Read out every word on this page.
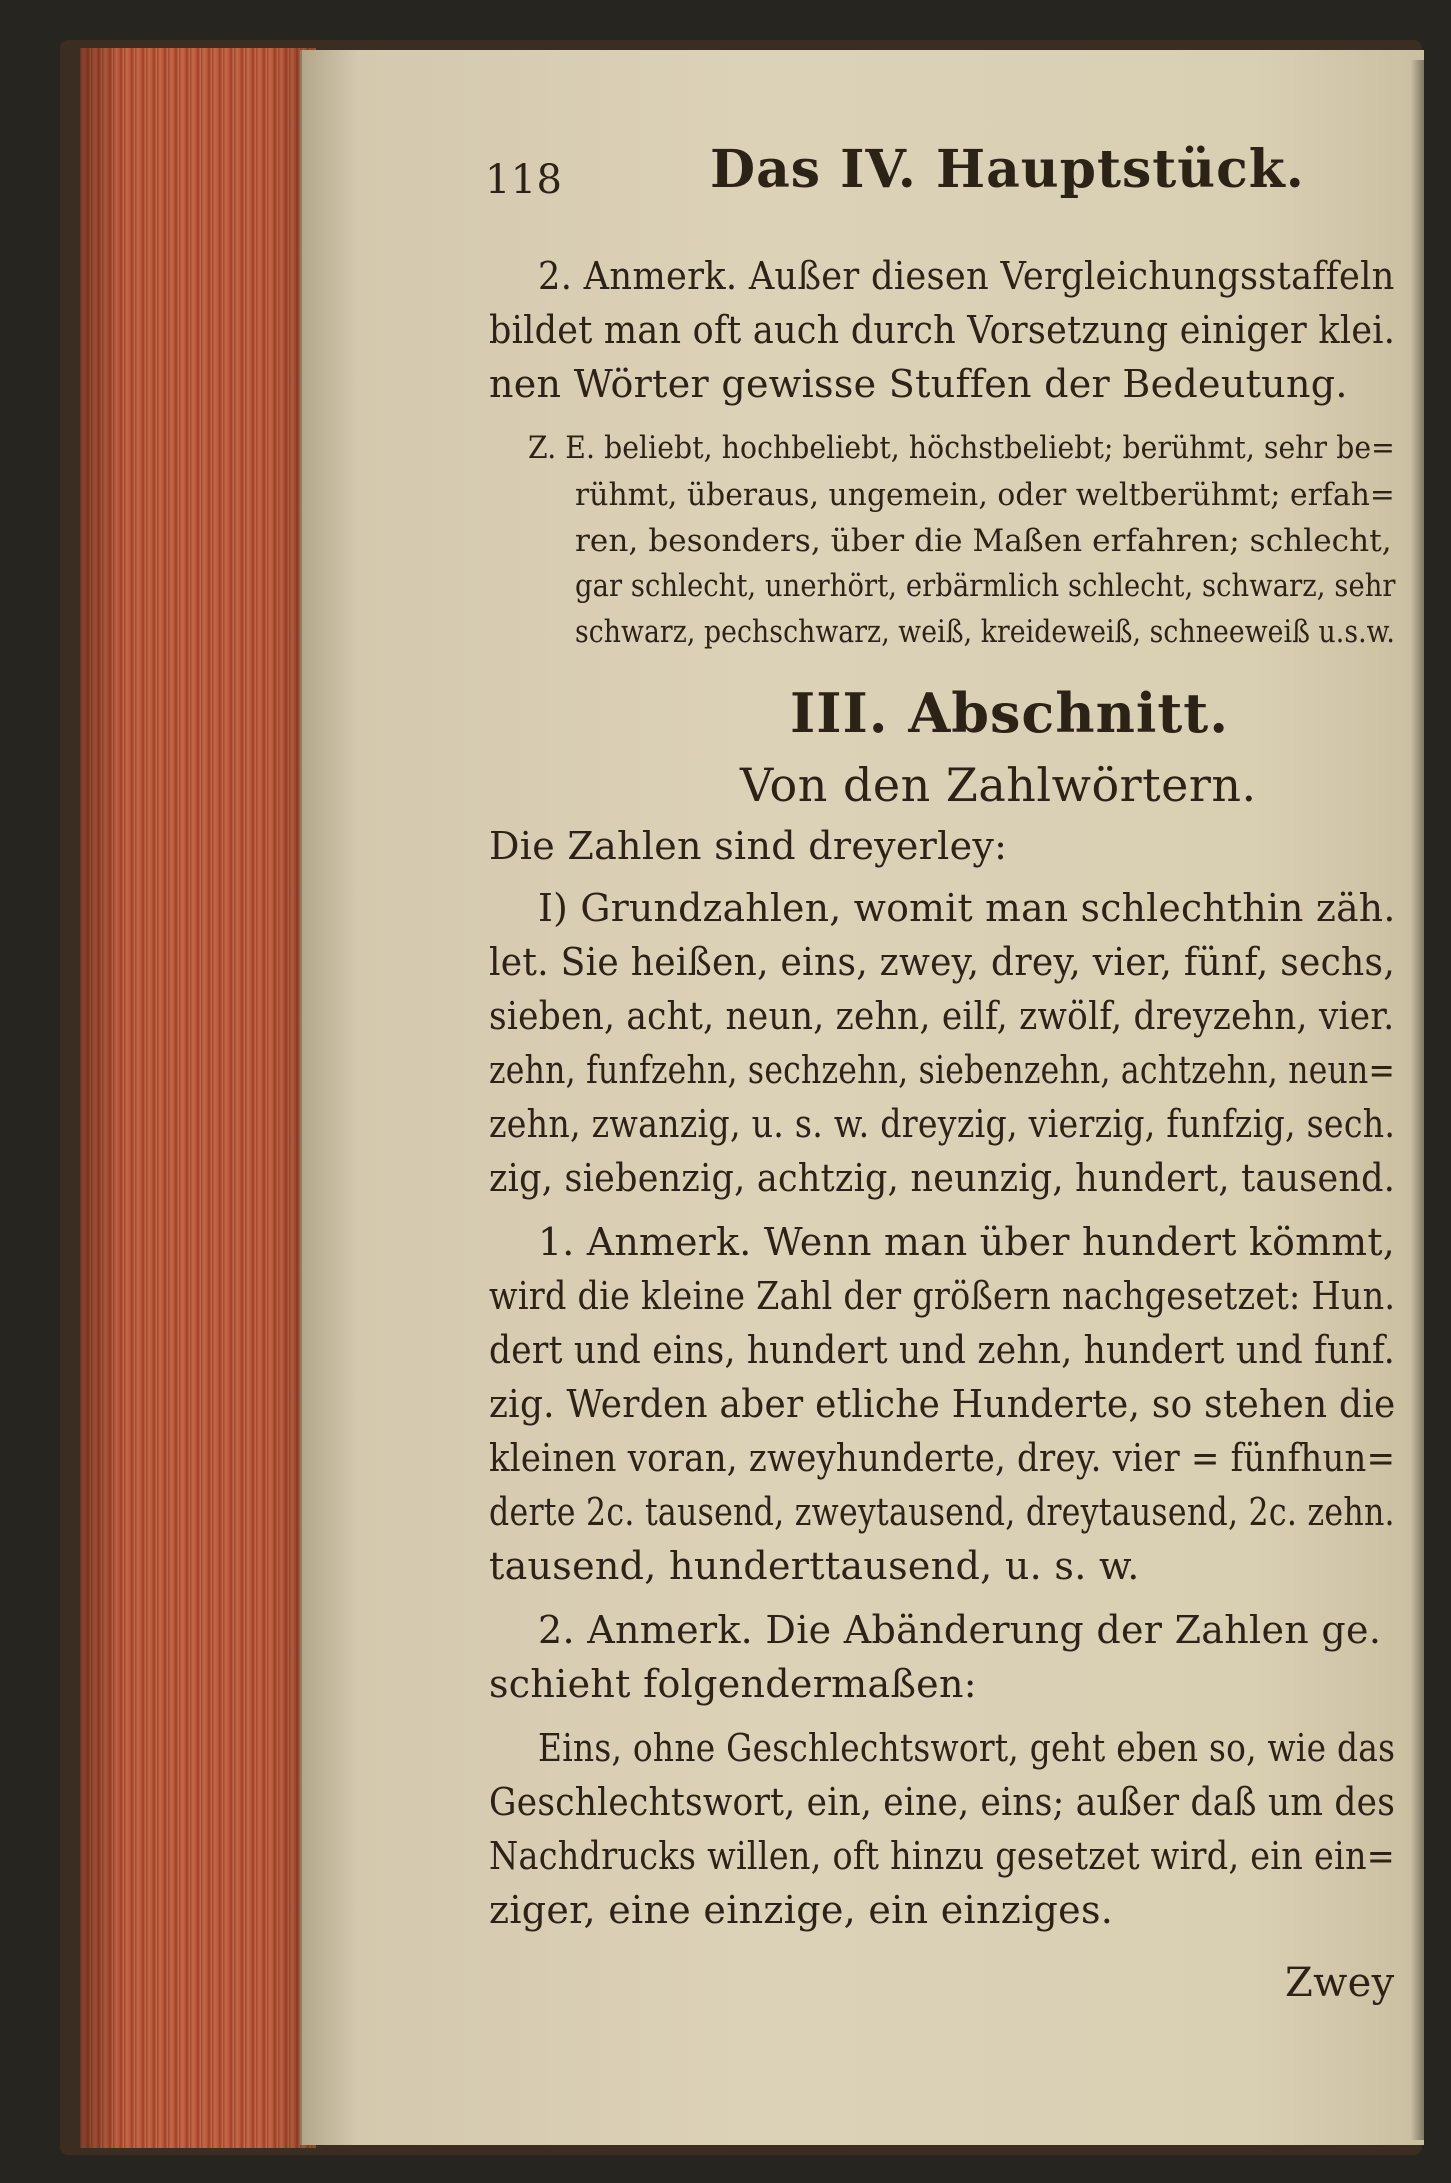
118	Das IV. Hauptstück.
2. Anmerk. Außer diesen Vergleichungsstaffeln
bildet man oft auch durch Vorsetzung einiger klei.
nen Wörter gewisse Stuffen der Bedeutung.
Z. E. beliebt, hochbeliebt, höchstbeliebt; berühmt, sehr be=
rühmt, überaus, ungemein, oder weltberühmt; erfah=
ren, besonders, über die Maßen erfahren; schlecht,
gar schlecht, unerhört, erbärmlich schlecht, schwarz, sehr
schwarz, pechschwarz, weiß, kreideweiß, schneeweiß u.s.w.
III. Abschnitt.
Von den Zahlwörtern.
Die Zahlen sind dreyerley:
I) Grundzahlen, womit man schlechthin zäh.
let. Sie heißen, eins, zwey, drey, vier, fünf, sechs,
sieben, acht, neun, zehn, eilf, zwölf, dreyzehn, vier.
zehn, funfzehn, sechzehn, siebenzehn, achtzehn, neun=
zehn, zwanzig, u. s. w. dreyzig, vierzig, funfzig, sech.
zig, siebenzig, achtzig, neunzig, hundert, tausend.
1. Anmerk. Wenn man über hundert kömmt,
wird die kleine Zahl der größern nachgesetzet: Hun.
dert und eins, hundert und zehn, hundert und funf.
zig. Werden aber etliche Hunderte, so stehen die
kleinen voran, zweyhunderte, drey. vier = fünfhun=
derte 2c. tausend, zweytausend, dreytausend, 2c. zehn.
tausend, hunderttausend, u. s. w.
2. Anmerk. Die Abänderung der Zahlen ge.
schieht folgendermaßen:
Eins, ohne Geschlechtswort, geht eben so, wie das
Geschlechtswort, ein, eine, eins; außer daß um des
Nachdrucks willen, oft hinzu gesetzet wird, ein ein=
ziger, eine einzige, ein einziges.
Zwey
